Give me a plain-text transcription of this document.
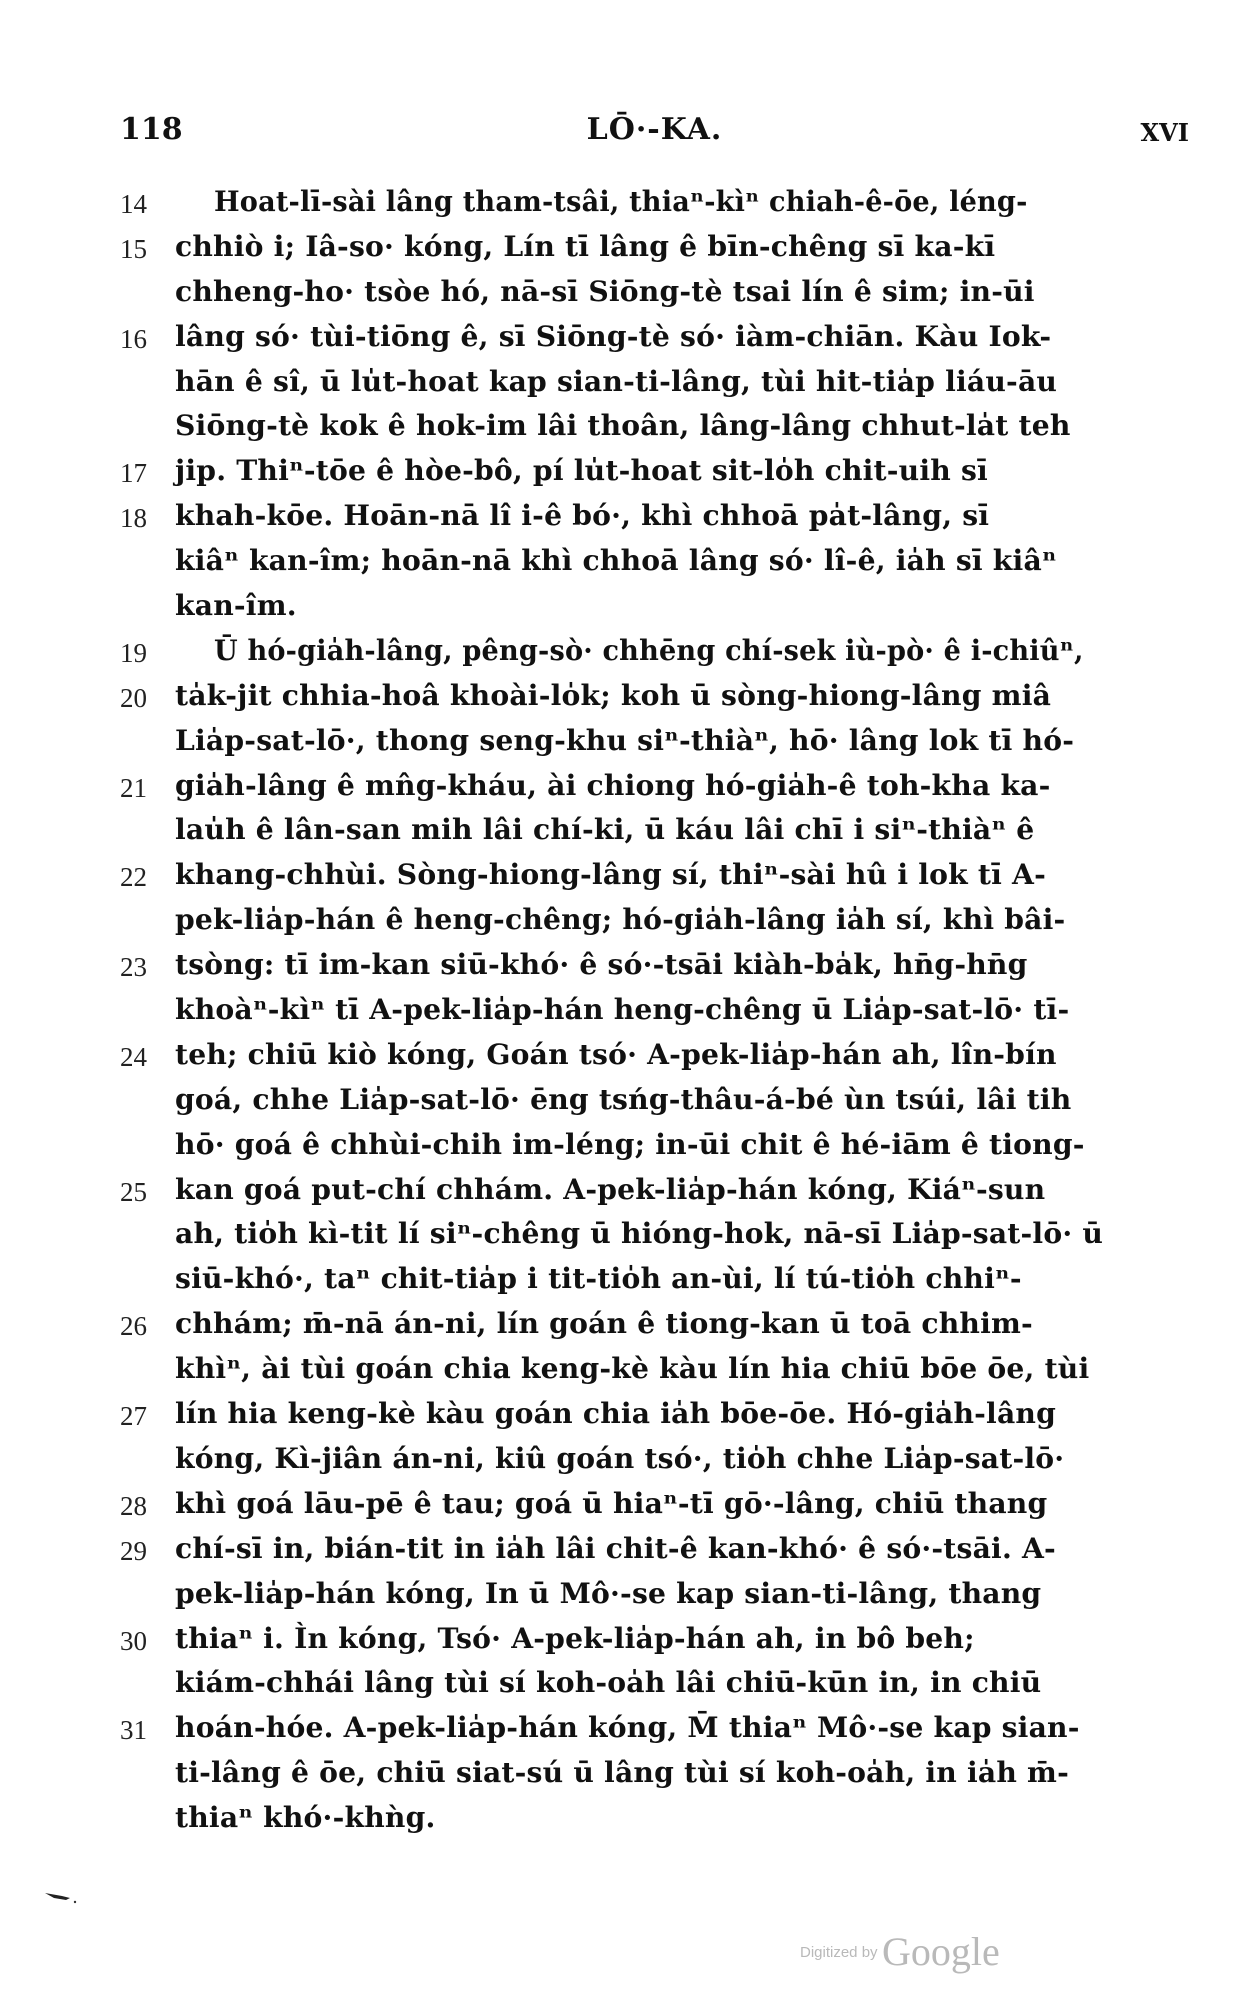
118	LŌ·-KA.	XVI
14	Hoat-lī-sài lâng tham-tsâi, thiaⁿ-kìⁿ chiah-ê-ōe, léng-
15 chhiò i; Iâ-so· kóng, Lín tī lâng ê bīn-chêng sī ka-kī
chheng-ho· tsòe hó, nā-sī Siōng-tè tsai lín ê sim; in-ūi
16 lâng só· tùi-tiōng ê, sī Siōng-tè só· iàm-chiān. Kàu Iok-
hān ê sî, ū lu̍t-hoat kap sian-ti-lâng, tùi hit-tia̍p liáu-āu
Siōng-tè kok ê hok-im lâi thoân, lâng-lâng chhut-la̍t teh
17 jip. Thiⁿ-tōe ê hòe-bô, pí lu̍t-hoat sit-lo̍h chit-uih sī
18 khah-kōe. Hoān-nā lî i-ê bó·, khì chhoā pa̍t-lâng, sī
kiâⁿ kan-îm; hoān-nā khì chhoā lâng só· lî-ê, ia̍h sī kiâⁿ
kan-îm.
19	Ū hó-gia̍h-lâng, pêng-sò· chhēng chí-sek iù-pò· ê i-chiûⁿ,
20 ta̍k-jit chhia-hoâ khoài-lo̍k; koh ū sòng-hiong-lâng miâ
Lia̍p-sat-lō·, thong seng-khu siⁿ-thiàⁿ, hō· lâng lok tī hó-
21 gia̍h-lâng ê mn̂g-kháu, ài chiong hó-gia̍h-ê toh-kha ka-
lau̍h ê lân-san mih lâi chí-ki, ū káu lâi chī i siⁿ-thiàⁿ ê
22 khang-chhùi. Sòng-hiong-lâng sí, thiⁿ-sài hû i lok tī A-
pek-lia̍p-hán ê heng-chêng; hó-gia̍h-lâng ia̍h sí, khì bâi-
23 tsòng: tī im-kan siū-khó· ê só·-tsāi kiàh-ba̍k, hn̄g-hn̄g
khoàⁿ-kìⁿ tī A-pek-lia̍p-hán heng-chêng ū Lia̍p-sat-lō· tī-
24 teh; chiū kiò kóng, Goán tsó· A-pek-lia̍p-hán ah, lîn-bín
goá, chhe Lia̍p-sat-lō· ēng tsńg-thâu-á-bé ùn tsúi, lâi tih
hō· goá ê chhùi-chih im-léng; in-ūi chit ê hé-iām ê tiong-
25 kan goá put-chí chhám. A-pek-lia̍p-hán kóng, Kiáⁿ-sun
ah, tio̍h kì-tit lí siⁿ-chêng ū hióng-hok, nā-sī Lia̍p-sat-lō· ū
siū-khó·, taⁿ chit-tia̍p i tit-tio̍h an-ùi, lí tú-tio̍h chhiⁿ-
26 chhám; m̄-nā án-ni, lín goán ê tiong-kan ū toā chhim-
khìⁿ, ài tùi goán chia keng-kè kàu lín hia chiū bōe ōe, tùi
27 lín hia keng-kè kàu goán chia ia̍h bōe-ōe. Hó-gia̍h-lâng
kóng, Kì-jiân án-ni, kiû goán tsó·, tio̍h chhe Lia̍p-sat-lō·
28 khì goá lāu-pē ê tau; goá ū hiaⁿ-tī gō·-lâng, chiū thang
29 chí-sī in, bián-tit in ia̍h lâi chit-ê kan-khó· ê só·-tsāi. A-
pek-lia̍p-hán kóng, In ū Mô·-se kap sian-ti-lâng, thang
30 thiaⁿ i. Ìn kóng, Tsó· A-pek-lia̍p-hán ah, in bô beh;
kiám-chhái lâng tùi sí koh-oa̍h lâi chiū-kūn in, in chiū
31 hoán-hóe. A-pek-lia̍p-hán kóng, M̄ thiaⁿ Mô·-se kap sian-
ti-lâng ê ōe, chiū siat-sú ū lâng tùi sí koh-oa̍h, in ia̍h m̄-
thiaⁿ khó·-khǹg.
Digitized by Google
